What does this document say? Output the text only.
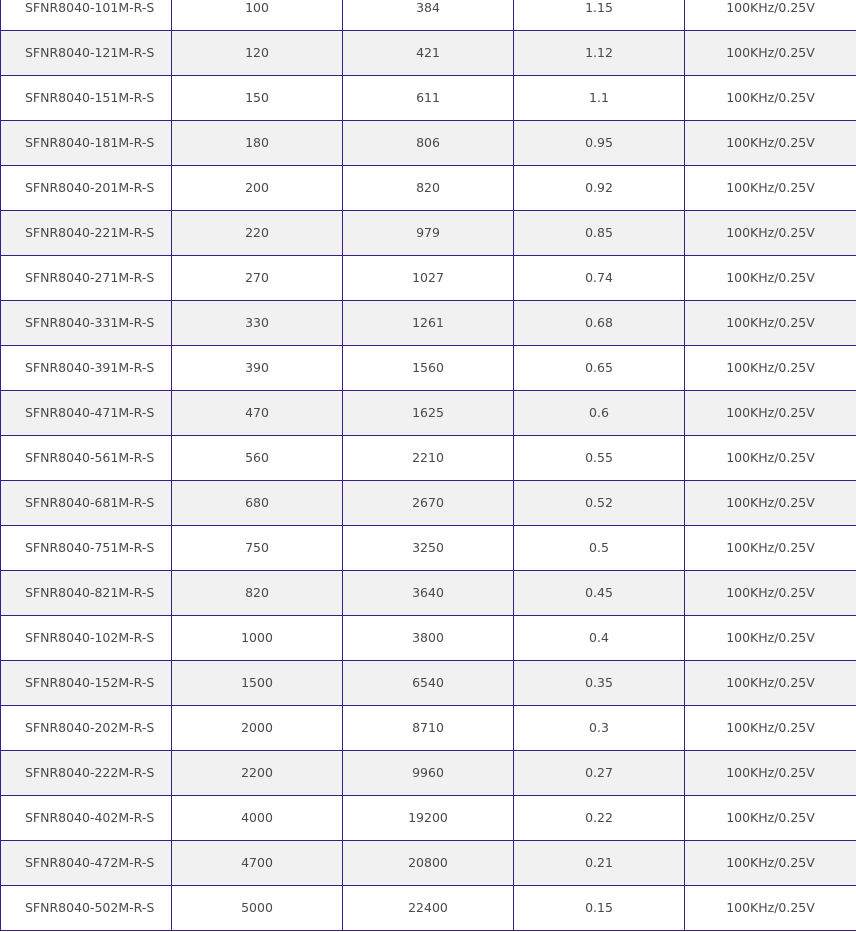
SFNR8040-101M-R-S	100	384	1.15	100KHz/0.25V
SFNR8040-121M-R-S	120	421	1.12	100KHz/0.25V
SFNR8040-151M-R-S	150	611	1.1	100KHz/0.25V
SFNR8040-181M-R-S	180	806	0.95	100KHz/0.25V
SFNR8040-201M-R-S	200	820	0.92	100KHz/0.25V
SFNR8040-221M-R-S	220	979	0.85	100KHz/0.25V
SFNR8040-271M-R-S	270	1027	0.74	100KHz/0.25V
SFNR8040-331M-R-S	330	1261	0.68	100KHz/0.25V
SFNR8040-391M-R-S	390	1560	0.65	100KHz/0.25V
SFNR8040-471M-R-S	470	1625	0.6	100KHz/0.25V
SFNR8040-561M-R-S	560	2210	0.55	100KHz/0.25V
SFNR8040-681M-R-S	680	2670	0.52	100KHz/0.25V
SFNR8040-751M-R-S	750	3250	0.5	100KHz/0.25V
SFNR8040-821M-R-S	820	3640	0.45	100KHz/0.25V
SFNR8040-102M-R-S	1000	3800	0.4	100KHz/0.25V
SFNR8040-152M-R-S	1500	6540	0.35	100KHz/0.25V
SFNR8040-202M-R-S	2000	8710	0.3	100KHz/0.25V
SFNR8040-222M-R-S	2200	9960	0.27	100KHz/0.25V
SFNR8040-402M-R-S	4000	19200	0.22	100KHz/0.25V
SFNR8040-472M-R-S	4700	20800	0.21	100KHz/0.25V
SFNR8040-502M-R-S	5000	22400	0.15	100KHz/0.25V
